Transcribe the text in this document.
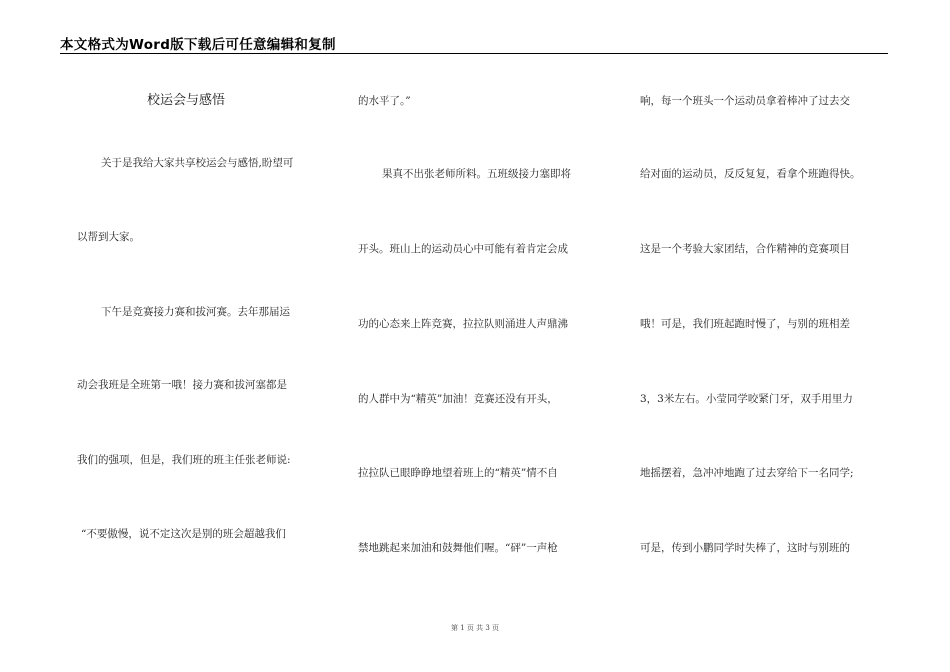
本文格式为Word版下载后可任意编辑和复制
校运会与感悟
关于是我给大家共享校运会与感悟,盼望可
以帮到大家。
下午是竞赛接力赛和拔河赛。去年那届运
动会我班是全班第一哦！接力赛和拔河塞都是
我们的强项，但是，我们班的班主任张老师说:
“不要傲慢，说不定这次是别的班会超越我们
的水平了。”
果真不出张老师所料。五班级接力塞即将
开头。班山上的运动员心中可能有着肯定会成
功的心态来上阵竞赛，拉拉队则涌进人声鼎沸
的人群中为“精英”加油！竞赛还没有开头，
拉拉队已眼睁睁地望着班上的“精英”情不自
禁地跳起来加油和鼓舞他们喔。“砰”一声枪
响，每一个班头一个运动员拿着棒冲了过去交
给对面的运动员，反反复复，看拿个班跑得快。
这是一个考验大家团结，合作精神的竞赛项目
哦！可是，我们班起跑时慢了，与别的班相差
3，3米左右。小莹同学咬紧门牙，双手用里力
地摇摆着，急冲冲地跑了过去穿给下一名同学;
可是，传到小鹏同学时失棒了，这时与别班的
第 1 页 共 3 页
